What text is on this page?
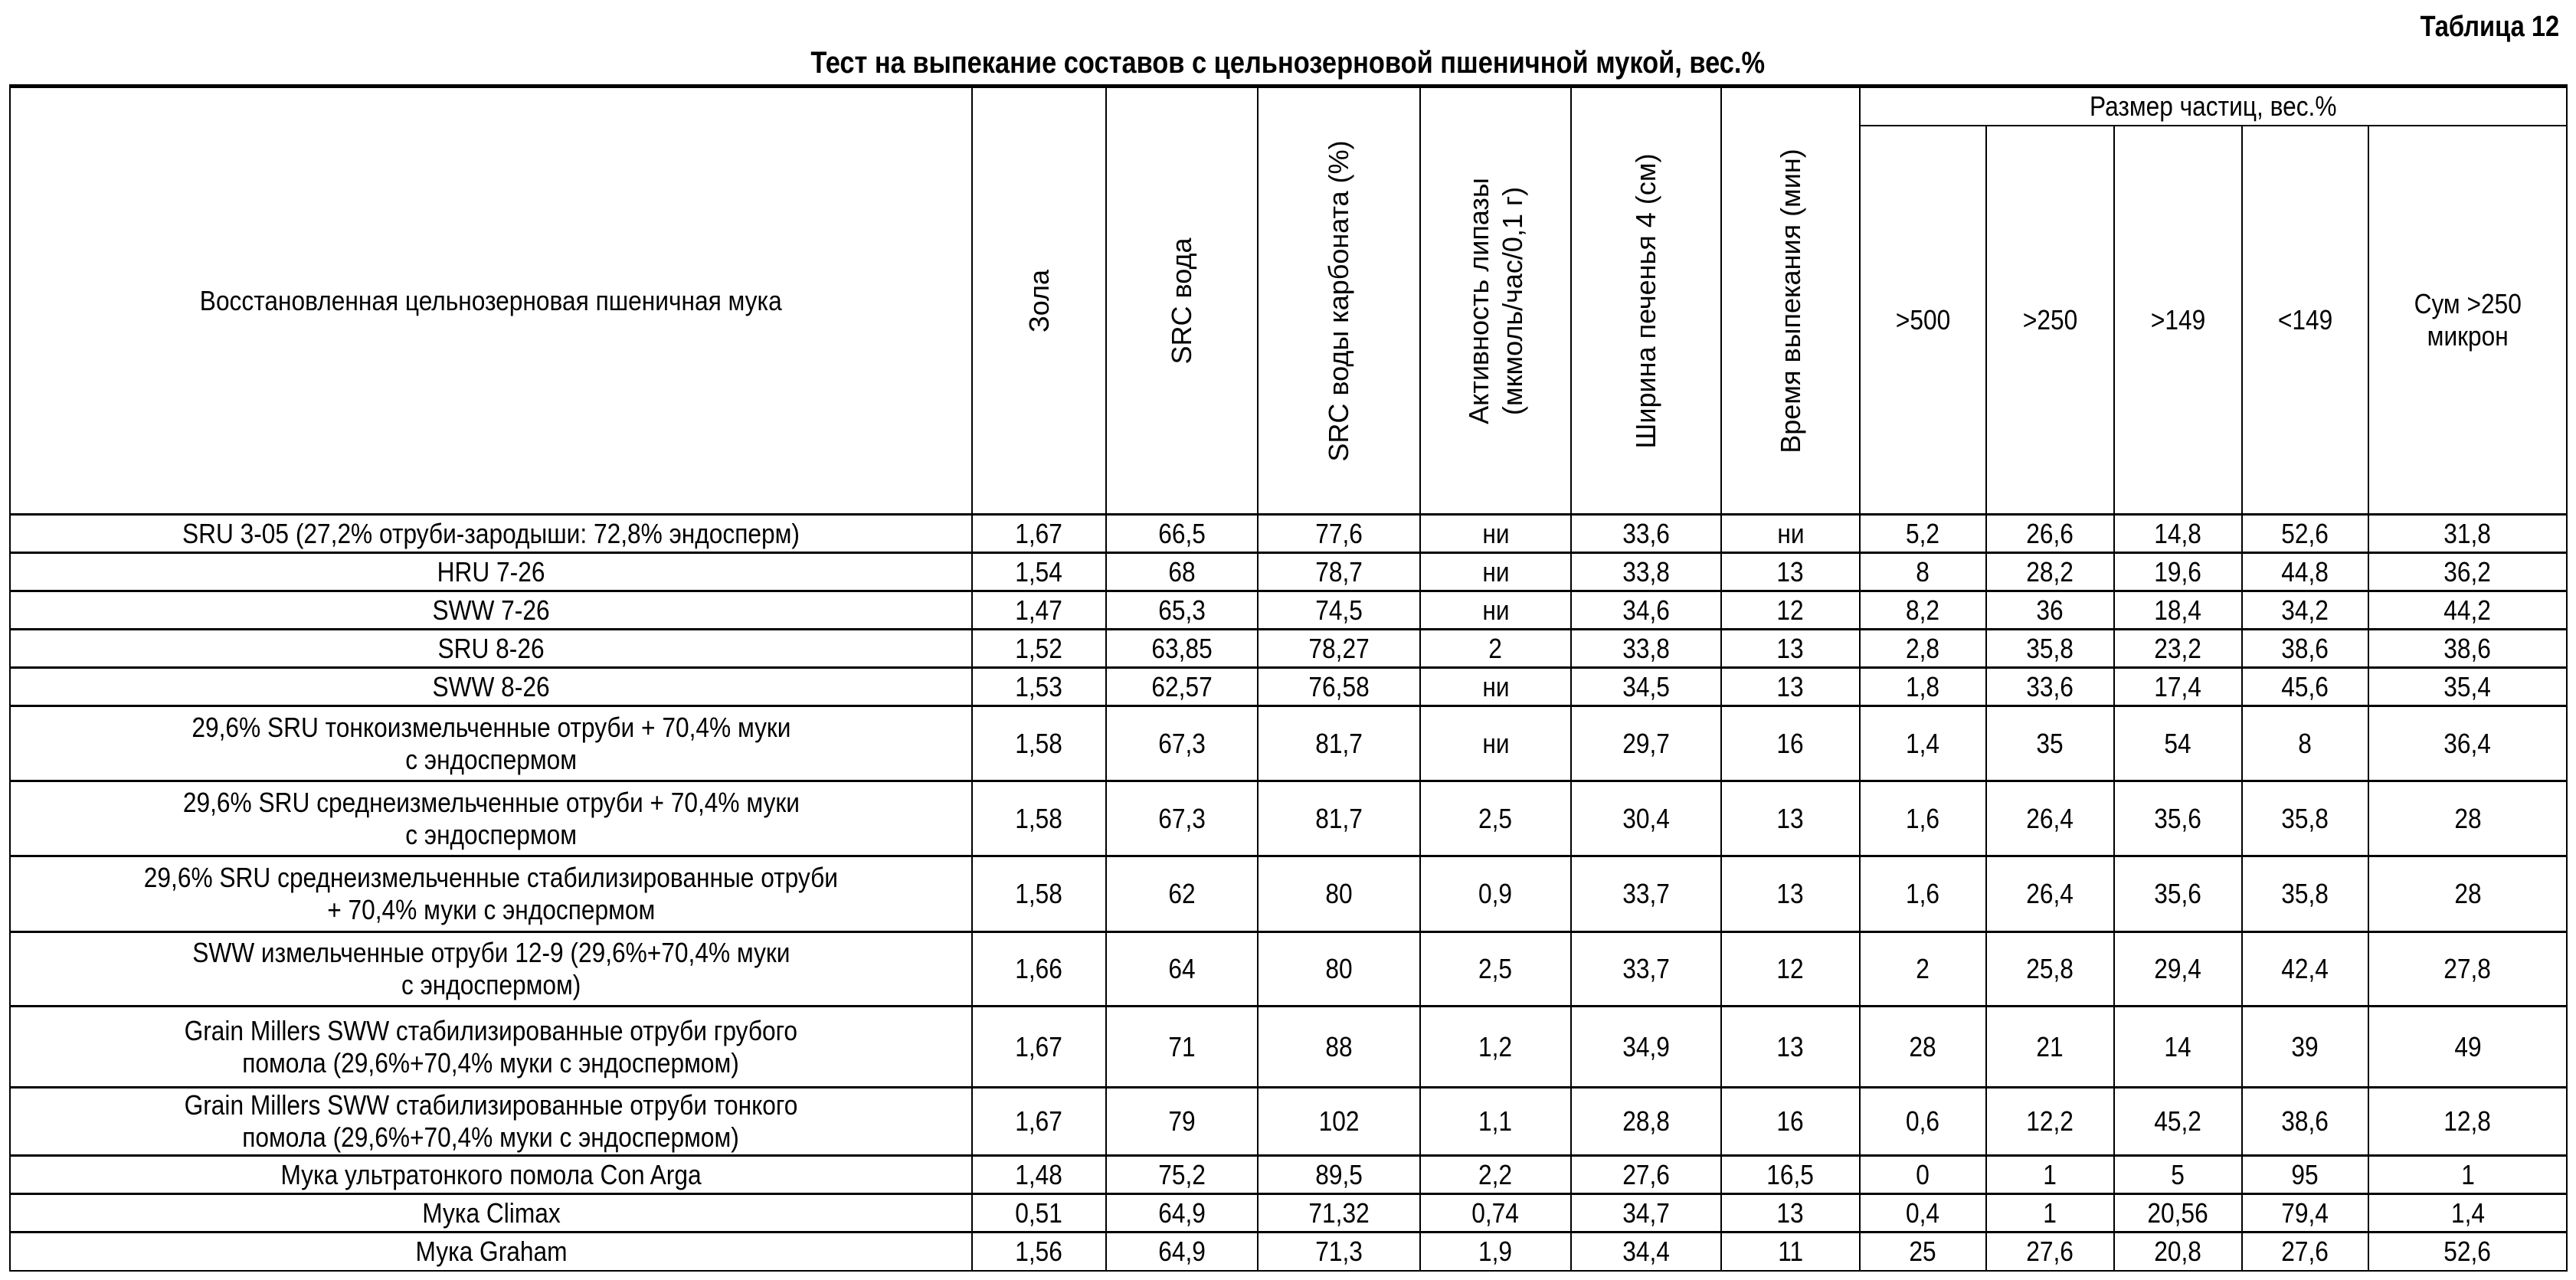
Таблица 12
Тест на выпекание составов с цельнозерновой пшеничной мукой, вес.%
Восстановленная цельнозерновая пшеничная мука	Зола	SRC вода	SRC воды карбоната (%)	Активность липазы
(мкмоль/час/0,1 г)	Ширина печенья 4 (см)	Время выпекания (мин)	Размер частиц, вес.%				
							>500	>250	>149	<149	Сум >250
микрон

SRU 3-05 (27,2% отруби-зародыши: 72,8% эндосперм)	1,67	66,5	77,6	ни	33,6	ни	5,2	26,6	14,8	52,6	31,8

HRU 7-26	1,54	68	78,7	ни	33,8	13	8	28,2	19,6	44,8	36,2

SWW 7-26	1,47	65,3	74,5	ни	34,6	12	8,2	36	18,4	34,2	44,2

SRU 8-26	1,52	63,85	78,27	2	33,8	13	2,8	35,8	23,2	38,6	38,6

SWW 8-26	1,53	62,57	76,58	ни	34,5	13	1,8	33,6	17,4	45,6	35,4

29,6% SRU тонкоизмельченные отруби + 70,4% муки
с эндоспермом	1,58	67,3	81,7	ни	29,7	16	1,4	35	54	8	36,4

29,6% SRU среднеизмельченные отруби + 70,4% муки
с эндоспермом	1,58	67,3	81,7	2,5	30,4	13	1,6	26,4	35,6	35,8	28

29,6% SRU среднеизмельченные стабилизированные отруби
+ 70,4% муки с эндоспермом	1,58	62	80	0,9	33,7	13	1,6	26,4	35,6	35,8	28

SWW измельченные отруби 12-9 (29,6%+70,4% муки
с эндоспермом)	1,66	64	80	2,5	33,7	12	2	25,8	29,4	42,4	27,8

Grain Millers SWW стабилизированные отруби грубого
помола (29,6%+70,4% муки с эндоспермом)	1,67	71	88	1,2	34,9	13	28	21	14	39	49

Grain Millers SWW стабилизированные отруби тонкого
помола (29,6%+70,4% муки с эндоспермом)	1,67	79	102	1,1	28,8	16	0,6	12,2	45,2	38,6	12,8

Мука ультратонкого помола Con Arga	1,48	75,2	89,5	2,2	27,6	16,5	0	1	5	95	1

Мука Climax	0,51	64,9	71,32	0,74	34,7	13	0,4	1	20,56	79,4	1,4

Мука Graham	1,56	64,9	71,3	1,9	34,4	11	25	27,6	20,8	27,6	52,6
